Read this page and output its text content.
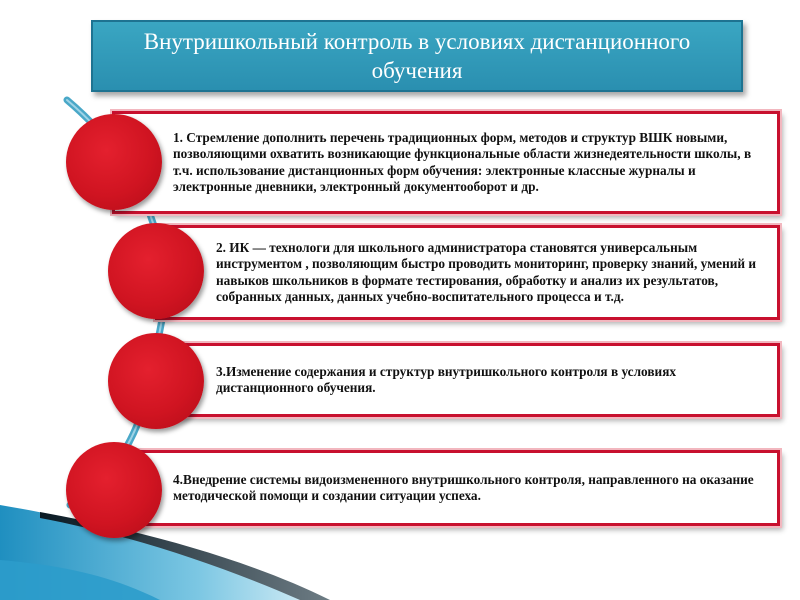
Внутришкольный контроль в условиях дистанционного обучения
1. Стремление дополнить перечень традиционных форм, методов и структур ВШК новыми, позволяющими охватить возникающие функциональные области жизнедеятельности школы, в т.ч. использование дистанционных форм обучения: электронные классные журналы и электронные дневники, электронный документооборот и др.
2. ИК — технологи для школьного администратора становятся универсальным инструментом , позволяющим быстро проводить мониторинг, проверку знаний, умений и навыков школьников в формате тестирования, обработку и анализ их результатов, собранных данных, данных учебно-воспитательного процесса и т.д.
3.Изменение содержания и структур внутришкольного контроля в условиях дистанционного обучения.
4.Внедрение системы видоизмененного внутришкольного контроля, направленного на оказание методической помощи и создании ситуации успеха.
